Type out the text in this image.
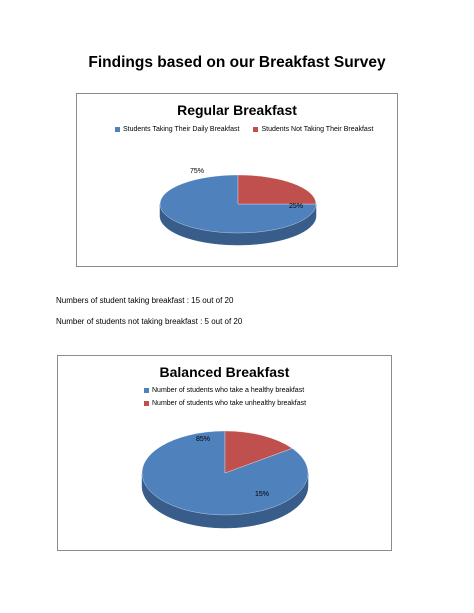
Findings based on our Breakfast Survey
Regular Breakfast
Students Taking Their Daily Breakfast	Students Not Taking Their Breakfast
75%
25%
Numbers of student taking breakfast : 15 out of 20
Number of students not taking breakfast : 5 out of 20
Balanced Breakfast
Number of students who take a healthy breakfast
Number of students who take unhealthy breakfast
85%
15%
